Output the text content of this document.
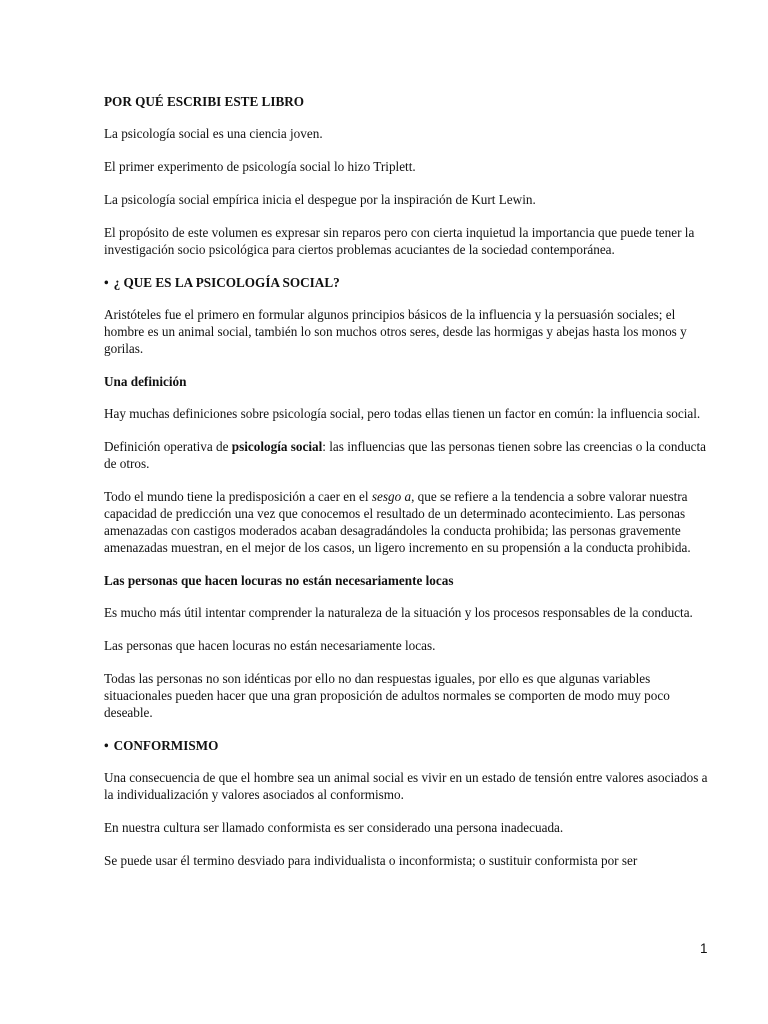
POR QUÉ ESCRIBI ESTE LIBRO

La psicología social es una ciencia joven.

El primer experimento de psicología social lo hizo Triplett.

La psicología social empírica inicia el despegue por la inspiración de Kurt Lewin.

El propósito de este volumen es expresar sin reparos pero con cierta inquietud la importancia que puede tener la investigación socio psicológica para ciertos problemas acuciantes de la sociedad contemporánea.

• ¿ QUE ES LA PSICOLOGÍA SOCIAL?

Aristóteles fue el primero en formular algunos principios básicos de la influencia y la persuasión sociales; el hombre es un animal social, también lo son muchos otros seres, desde las hormigas y abejas hasta los monos y gorilas.

Una definición

Hay muchas definiciones sobre psicología social, pero todas ellas tienen un factor en común: la influencia social.

Definición operativa de psicología social: las influencias que las personas tienen sobre las creencias o la conducta de otros.

Todo el mundo tiene la predisposición a caer en el sesgo a, que se refiere a la tendencia a sobre valorar nuestra capacidad de predicción una vez que conocemos el resultado de un determinado acontecimiento. Las personas amenazadas con castigos moderados acaban desagradándoles la conducta prohibida; las personas gravemente amenazadas muestran, en el mejor de los casos, un ligero incremento en su propensión a la conducta prohibida.

Las personas que hacen locuras no están necesariamente locas

Es mucho más útil intentar comprender la naturaleza de la situación y los procesos responsables de la conducta.

Las personas que hacen locuras no están necesariamente locas.

Todas las personas no son idénticas por ello no dan respuestas iguales, por ello es que algunas variables situacionales pueden hacer que una gran proposición de adultos normales se comporten de modo muy poco deseable.

• CONFORMISMO

Una consecuencia de que el hombre sea un animal social es vivir en un estado de tensión entre valores asociados a la individualización y valores asociados al conformismo.

En nuestra cultura ser llamado conformista es ser considerado una persona inadecuada.

Se puede usar él termino desviado para individualista o inconformista; o sustituir conformista por ser

1
